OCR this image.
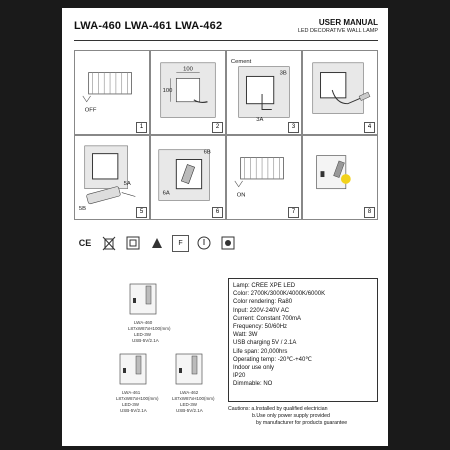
LWA-460 LWA-461 LWA-462	USER MANUAL
LED DECORATIVE WALL LAMP
OFF
1
100
100
2
Cement
3B
3A
3	4
5A
5B	5
6B
6A
6
ON
7	8
CE	F
LWA-460
L87xW87xH100(mm)
LED-3W
USB-5V/2.1A
LWA-461
L87xW87xH100(mm)
LED-3W
USB-5V/2.1A
LWA-462
L87xW87xH100(mm)
LED-3W
USB-5V/2.1A
Lamp: CREE XPE LED
Color: 2700K/3000K/4000K/6000K
Color rendering: Ra80
Input: 220V-240V AC
Current: Constant 700mA
Frequency: 50/60Hz
Watt: 3W
USB charging 5V / 2.1A
Life span: 20,000hrs
Operating temp: -20℃-+40℃
Indoor use only
IP20
Dimmable: NO
Cautions: a.Installed by qualified electrician
b.Use only power supply provided
by manufacturer for products guarantee
